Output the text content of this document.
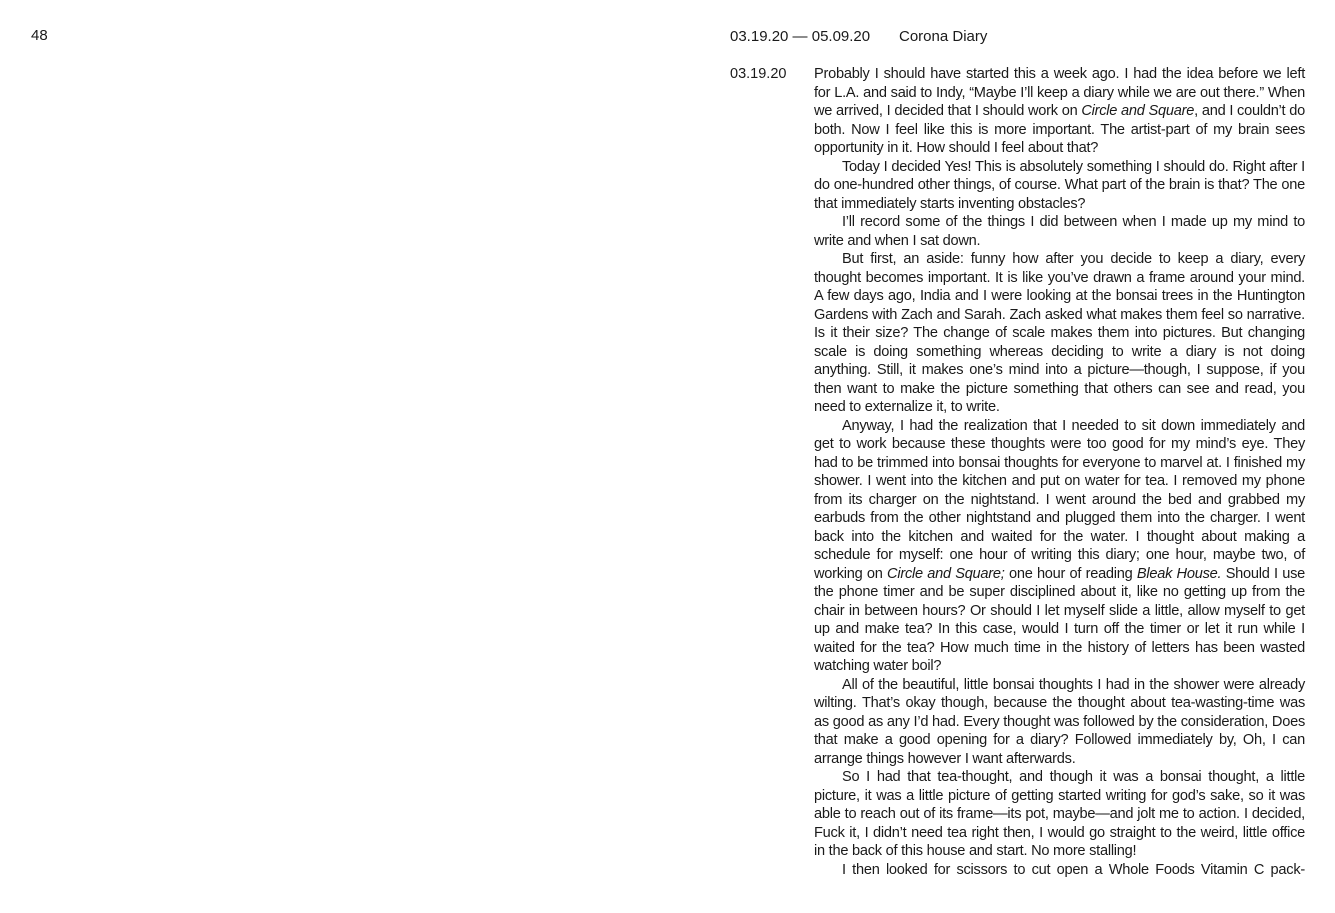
48	03.19.20 — 05.09.20 Corona Diary
03.19.20 Probably I should have started this a week ago. I had the idea before we left for L.A. and said to Indy, “Maybe I’ll keep a diary while we are out there.” When we arrived, I decided that I should work on Circle and Square, and I couldn’t do both. Now I feel like this is more important. The artist-part of my brain sees opportunity in it. How should I feel about that?

Today I decided Yes! This is absolutely something I should do. Right after I do one-hundred other things, of course. What part of the brain is that? The one that immediately starts inventing obstacles?

I’ll record some of the things I did between when I made up my mind to write and when I sat down.

But first, an aside: funny how after you decide to keep a diary, every thought becomes important. It is like you’ve drawn a frame around your mind. A few days ago, India and I were looking at the bonsai trees in the Huntington Gardens with Zach and Sarah. Zach asked what makes them feel so narrative. Is it their size? The change of scale makes them into pictures. But changing scale is doing something whereas deciding to write a diary is not doing anything. Still, it makes one’s mind into a picture—though, I suppose, if you then want to make the picture something that others can see and read, you need to externalize it, to write.

Anyway, I had the realization that I needed to sit down immediately and get to work because these thoughts were too good for my mind’s eye. They had to be trimmed into bonsai thoughts for everyone to marvel at. I finished my shower. I went into the kitchen and put on water for tea. I removed my phone from its charger on the nightstand. I went around the bed and grabbed my earbuds from the other nightstand and plugged them into the charger. I went back into the kitchen and waited for the water. I thought about making a schedule for myself: one hour of writing this diary; one hour, maybe two, of working on Circle and Square; one hour of reading Bleak House. Should I use the phone timer and be super disciplined about it, like no getting up from the chair in between hours? Or should I let myself slide a little, allow myself to get up and make tea? In this case, would I turn off the timer or let it run while I waited for the tea? How much time in the history of letters has been wasted watching water boil?

All of the beautiful, little bonsai thoughts I had in the shower were already wilting. That’s okay though, because the thought about tea-wasting-time was as good as any I’d had. Every thought was followed by the consideration, Does that make a good opening for a diary? Followed immediately by, Oh, I can arrange things however I want afterwards.

So I had that tea-thought, and though it was a bonsai thought, a little picture, it was a little picture of getting started writing for god’s sake, so it was able to reach out of its frame—its pot, maybe—and jolt me to action. I decided, Fuck it, I didn’t need tea right then, I would go straight to the weird, little office in the back of this house and start. No more stalling!

I then looked for scissors to cut open a Whole Foods Vitamin C pack-
